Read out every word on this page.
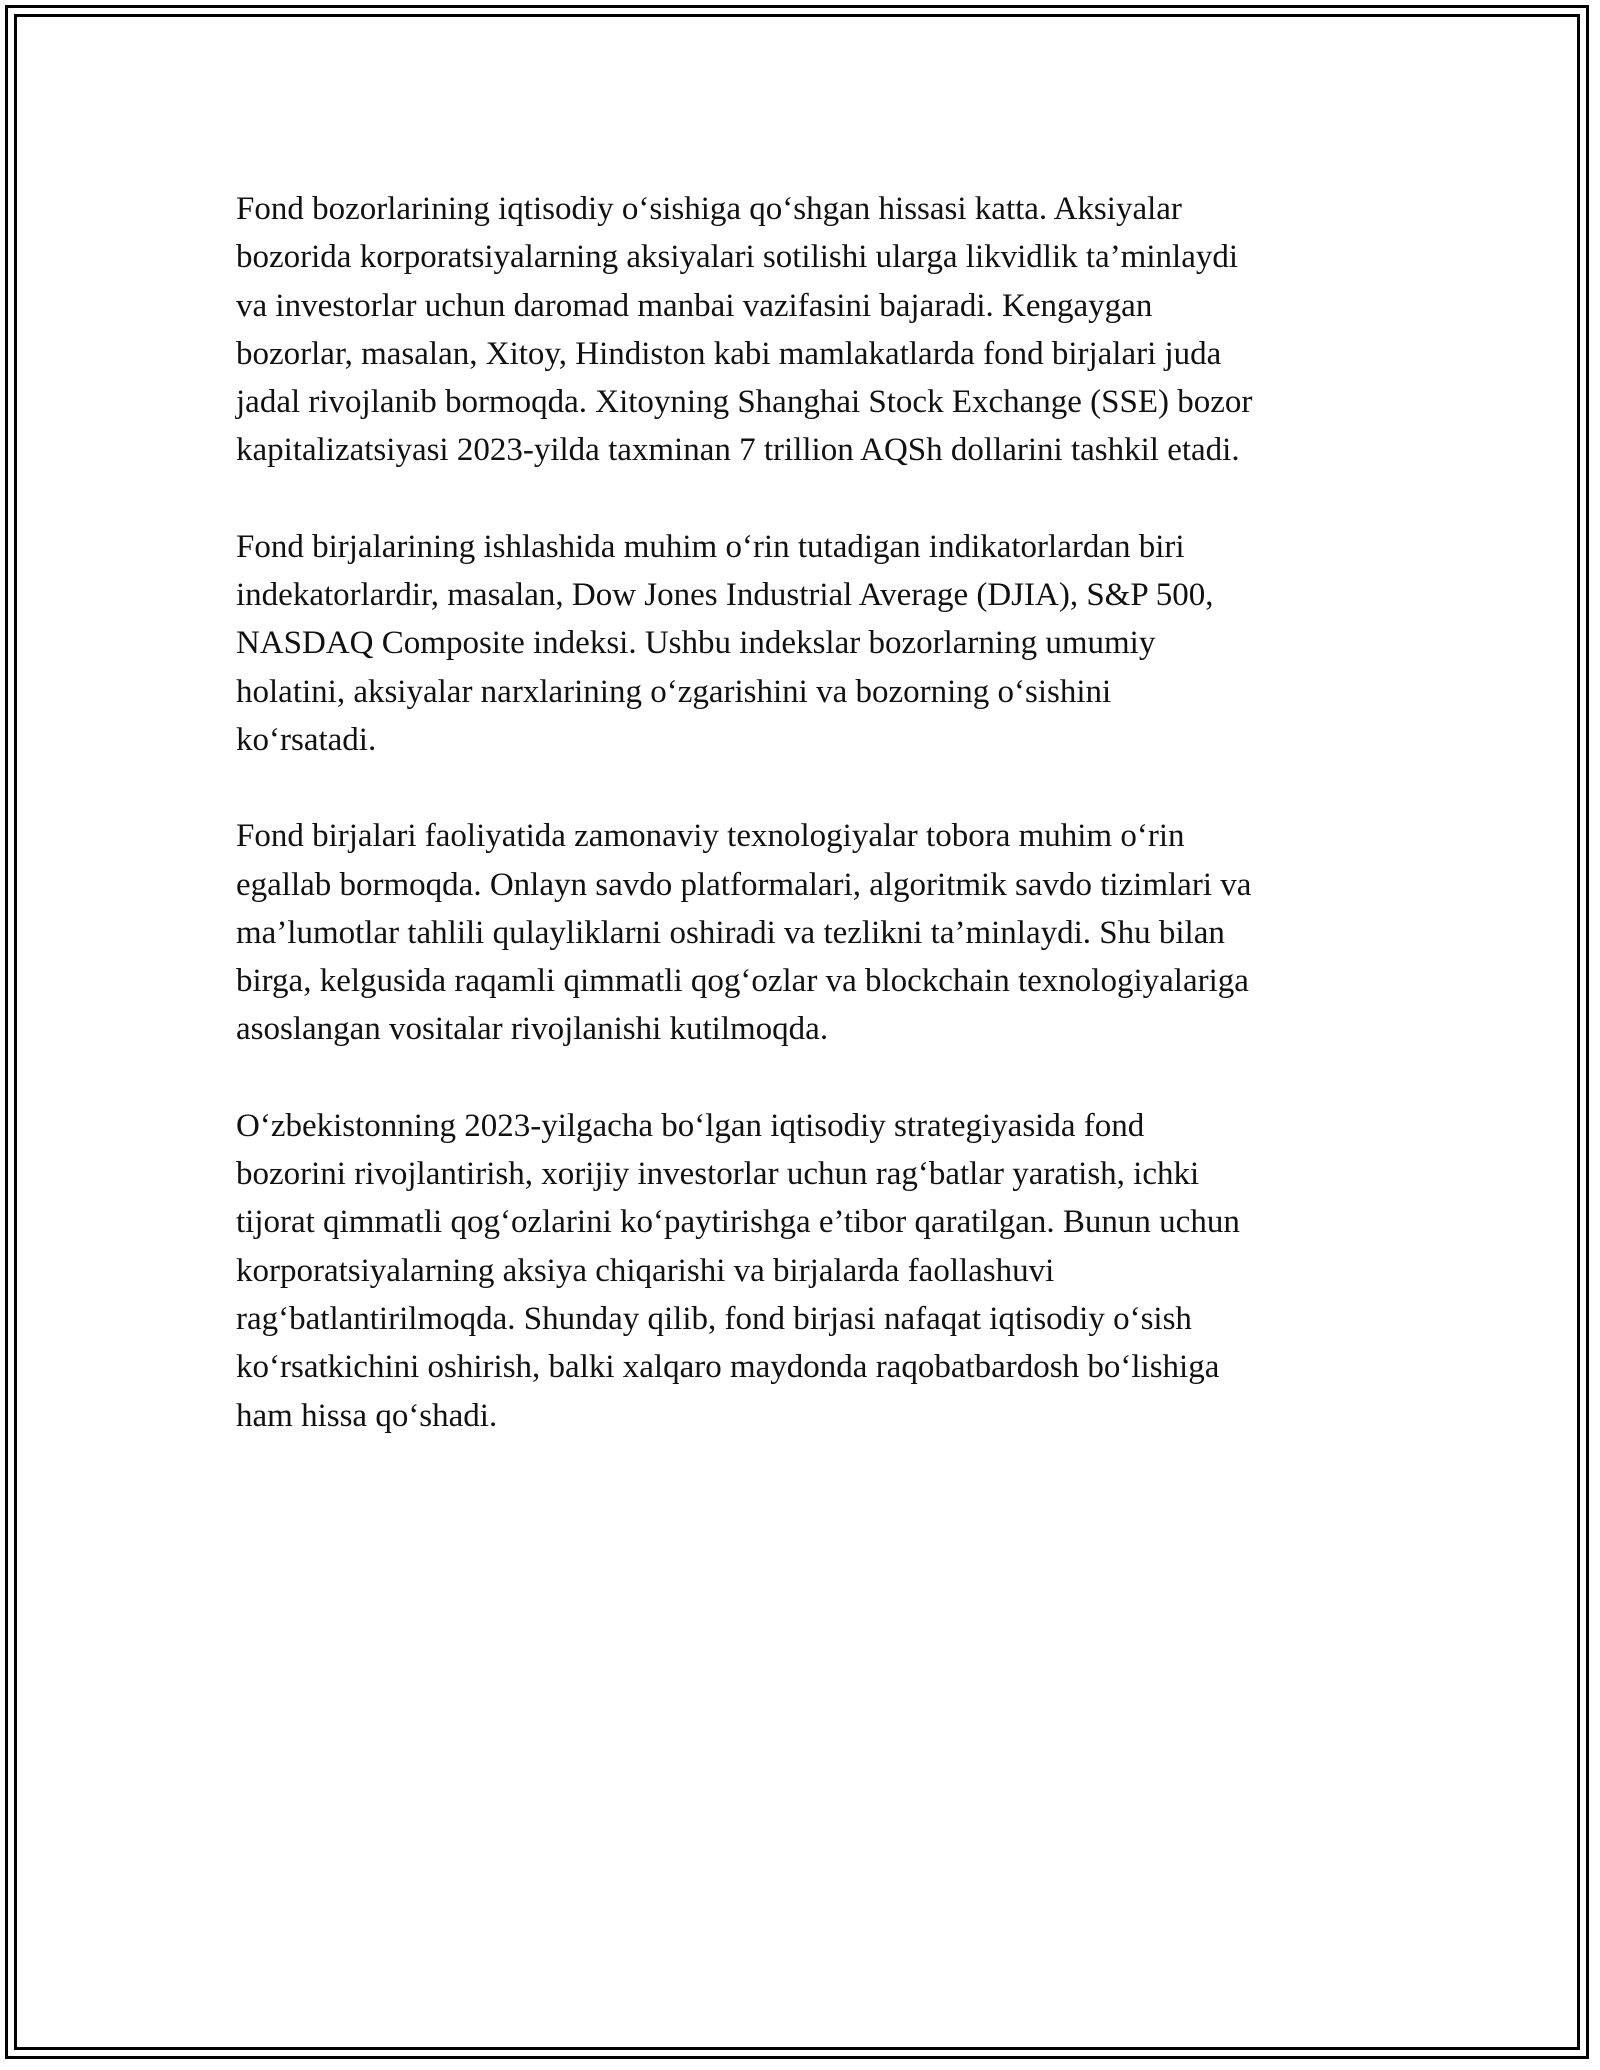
Fond bozorlarining iqtisodiy o‘sishiga qo‘shgan hissasi katta. Aksiyalar
bozorida korporatsiyalarning aksiyalari sotilishi ularga likvidlik ta’minlaydi
va investorlar uchun daromad manbai vazifasini bajaradi. Kengaygan
bozorlar, masalan, Xitoy, Hindiston kabi mamlakatlarda fond birjalari juda
jadal rivojlanib bormoqda. Xitoyning Shanghai Stock Exchange (SSE) bozor
kapitalizatsiyasi 2023-yilda taxminan 7 trillion AQSh dollarini tashkil etadi.

Fond birjalarining ishlashida muhim o‘rin tutadigan indikatorlardan biri
indekatorlardir, masalan, Dow Jones Industrial Average (DJIA), S&P 500,
NASDAQ Composite indeksi. Ushbu indekslar bozorlarning umumiy
holatini, aksiyalar narxlarining o‘zgarishini va bozorning o‘sishini
ko‘rsatadi.

Fond birjalari faoliyatida zamonaviy texnologiyalar tobora muhim o‘rin
egallab bormoqda. Onlayn savdo platformalari, algoritmik savdo tizimlari va
ma’lumotlar tahlili qulayliklarni oshiradi va tezlikni ta’minlaydi. Shu bilan
birga, kelgusida raqamli qimmatli qog‘ozlar va blockchain texnologiyalariga
asoslangan vositalar rivojlanishi kutilmoqda.

O‘zbekistonning 2023-yilgacha bo‘lgan iqtisodiy strategiyasida fond
bozorini rivojlantirish, xorijiy investorlar uchun rag‘batlar yaratish, ichki
tijorat qimmatli qog‘ozlarini ko‘paytirishga e’tibor qaratilgan. Bunun uchun
korporatsiyalarning aksiya chiqarishi va birjalarda faollashuvi
rag‘batlantirilmoqda. Shunday qilib, fond birjasi nafaqat iqtisodiy o‘sish
ko‘rsatkichini oshirish, balki xalqaro maydonda raqobatbardosh bo‘lishiga
ham hissa qo‘shadi.
